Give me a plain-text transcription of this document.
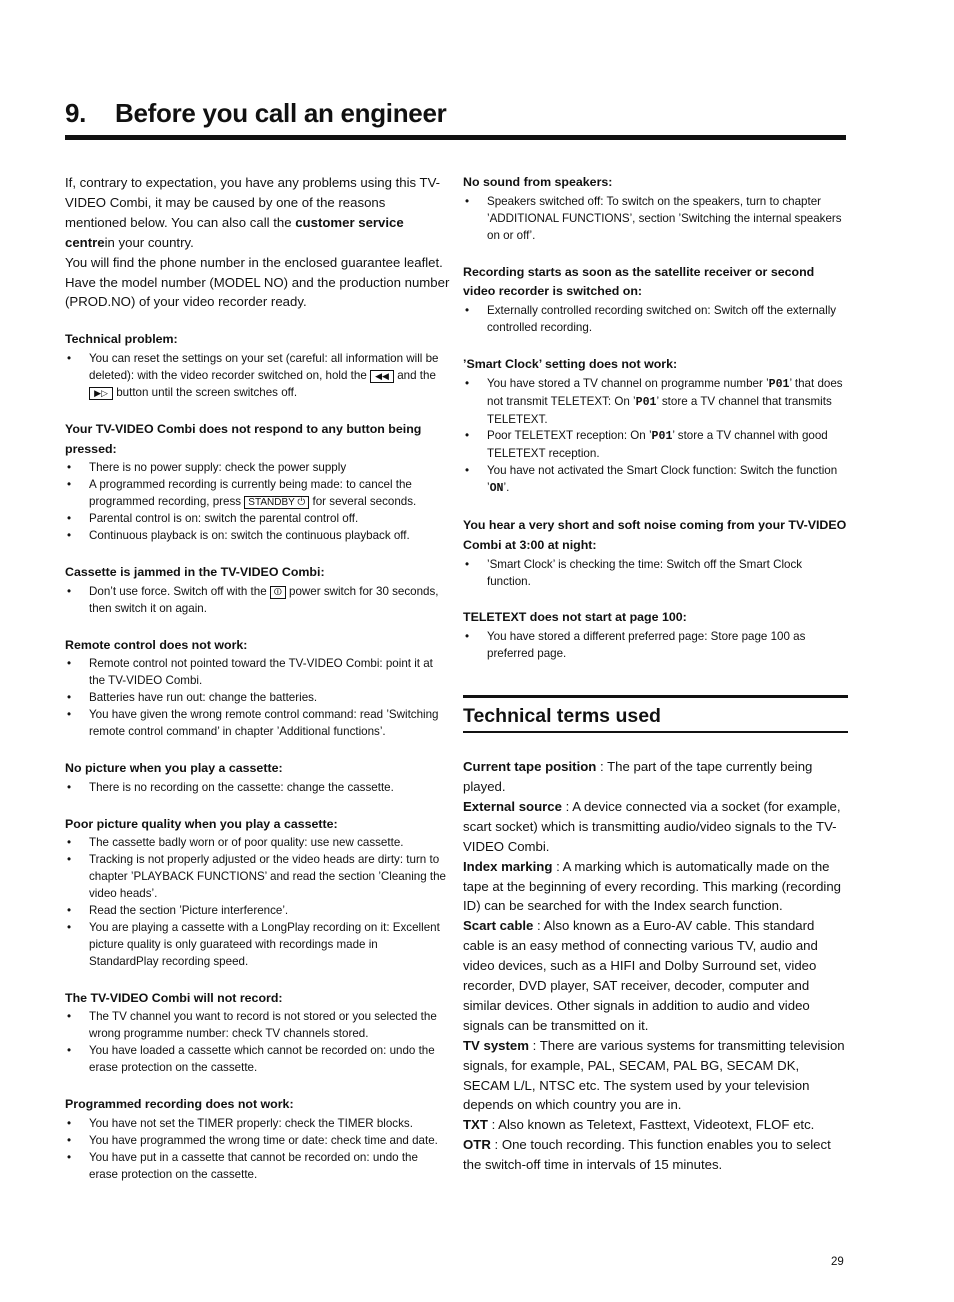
9. Before you call an engineer

If, contrary to expectation, you have any problems using this TV-VIDEO Combi, it may be caused by one of the reasons mentioned below. You can also call the customer service centrein your country.

You will find the phone number in the enclosed guarantee leaflet. Have the model number (MODEL NO) and the production number (PROD.NO) of your video recorder ready.

Technical problem:
• You can reset the settings on your set (careful: all information will be deleted): with the video recorder switched on, hold the ◀◀ and the ▶▷ button until the screen switches off.
Your TV-VIDEO Combi does not respond to any button being pressed:
• There is no power supply: check the power supply
• A programmed recording is currently being made: to cancel the programmed recording, press STANDBY ⏻ for several seconds.
• Parental control is on: switch the parental control off.
• Continuous playback is on: switch the continuous playback off.
Cassette is jammed in the TV-VIDEO Combi:
• Don’t use force. Switch off with the ⏼ power switch for 30 seconds, then switch it on again.
Remote control does not work:
• Remote control not pointed toward the TV-VIDEO Combi: point it at the TV-VIDEO Combi.
• Batteries have run out: change the batteries.
• You have given the wrong remote control command: read ’Switching remote control command’ in chapter ’Additional functions’.
No picture when you play a cassette:
• There is no recording on the cassette: change the cassette.
Poor picture quality when you play a cassette:
• The cassette badly worn or of poor quality: use new cassette.
• Tracking is not properly adjusted or the video heads are dirty: turn to chapter ’PLAYBACK FUNCTIONS’ and read the section ’Cleaning the video heads’.
• Read the section ’Picture interference’.
• You are playing a cassette with a LongPlay recording on it: Excellent picture quality is only guarateed with recordings made in StandardPlay recording speed.
The TV-VIDEO Combi will not record:
• The TV channel you want to record is not stored or you selected the wrong programme number: check TV channels stored.
• You have loaded a cassette which cannot be recorded on: undo the erase protection on the cassette.
Programmed recording does not work:
• You have not set the TIMER properly: check the TIMER blocks.
• You have programmed the wrong time or date: check time and date.
• You have put in a cassette that cannot be recorded on: undo the erase protection on the cassette.
No sound from speakers:
• Speakers switched off: To switch on the speakers, turn to chapter ’ADDITIONAL FUNCTIONS’, section ’Switching the internal speakers on or off’.
Recording starts as soon as the satellite receiver or second video recorder is switched on:
• Externally controlled recording switched on: Switch off the externally controlled recording.
’Smart Clock’ setting does not work:
• You have stored a TV channel on programme number ’P01’ that does not transmit TELETEXT: On ’P01’ store a TV channel that transmits TELETEXT.
• Poor TELETEXT reception: On ’P01’ store a TV channel with good TELETEXT reception.
• You have not activated the Smart Clock function: Switch the function ’ON’.
You hear a very short and soft noise coming from your TV-VIDEO Combi at 3:00 at night:
• ’Smart Clock’ is checking the time: Switch off the Smart Clock function.
TELETEXT does not start at page 100:
• You have stored a different preferred page: Store page 100 as preferred page.
Technical terms used

Current tape position : The part of the tape currently being played.

External source : A device connected via a socket (for example, scart socket) which is transmitting audio/video signals to the TV-VIDEO Combi.

Index marking : A marking which is automatically made on the tape at the beginning of every recording. This marking (recording ID) can be searched for with the Index search function.

Scart cable : Also known as a Euro-AV cable. This standard cable is an easy method of connecting various TV, audio and video devices, such as a HIFI and Dolby Surround set, video recorder, DVD player, SAT receiver, decoder, computer and similar devices. Other signals in addition to audio and video signals can be transmitted on it.

TV system : There are various systems for transmitting television signals, for example, PAL, SECAM, PAL BG, SECAM DK, SECAM L/L, NTSC etc. The system used by your television depends on which country you are in.

TXT : Also known as Teletext, Fasttext, Videotext, FLOF etc.

OTR : One touch recording. This function enables you to select the switch-off time in intervals of 15 minutes.

29
